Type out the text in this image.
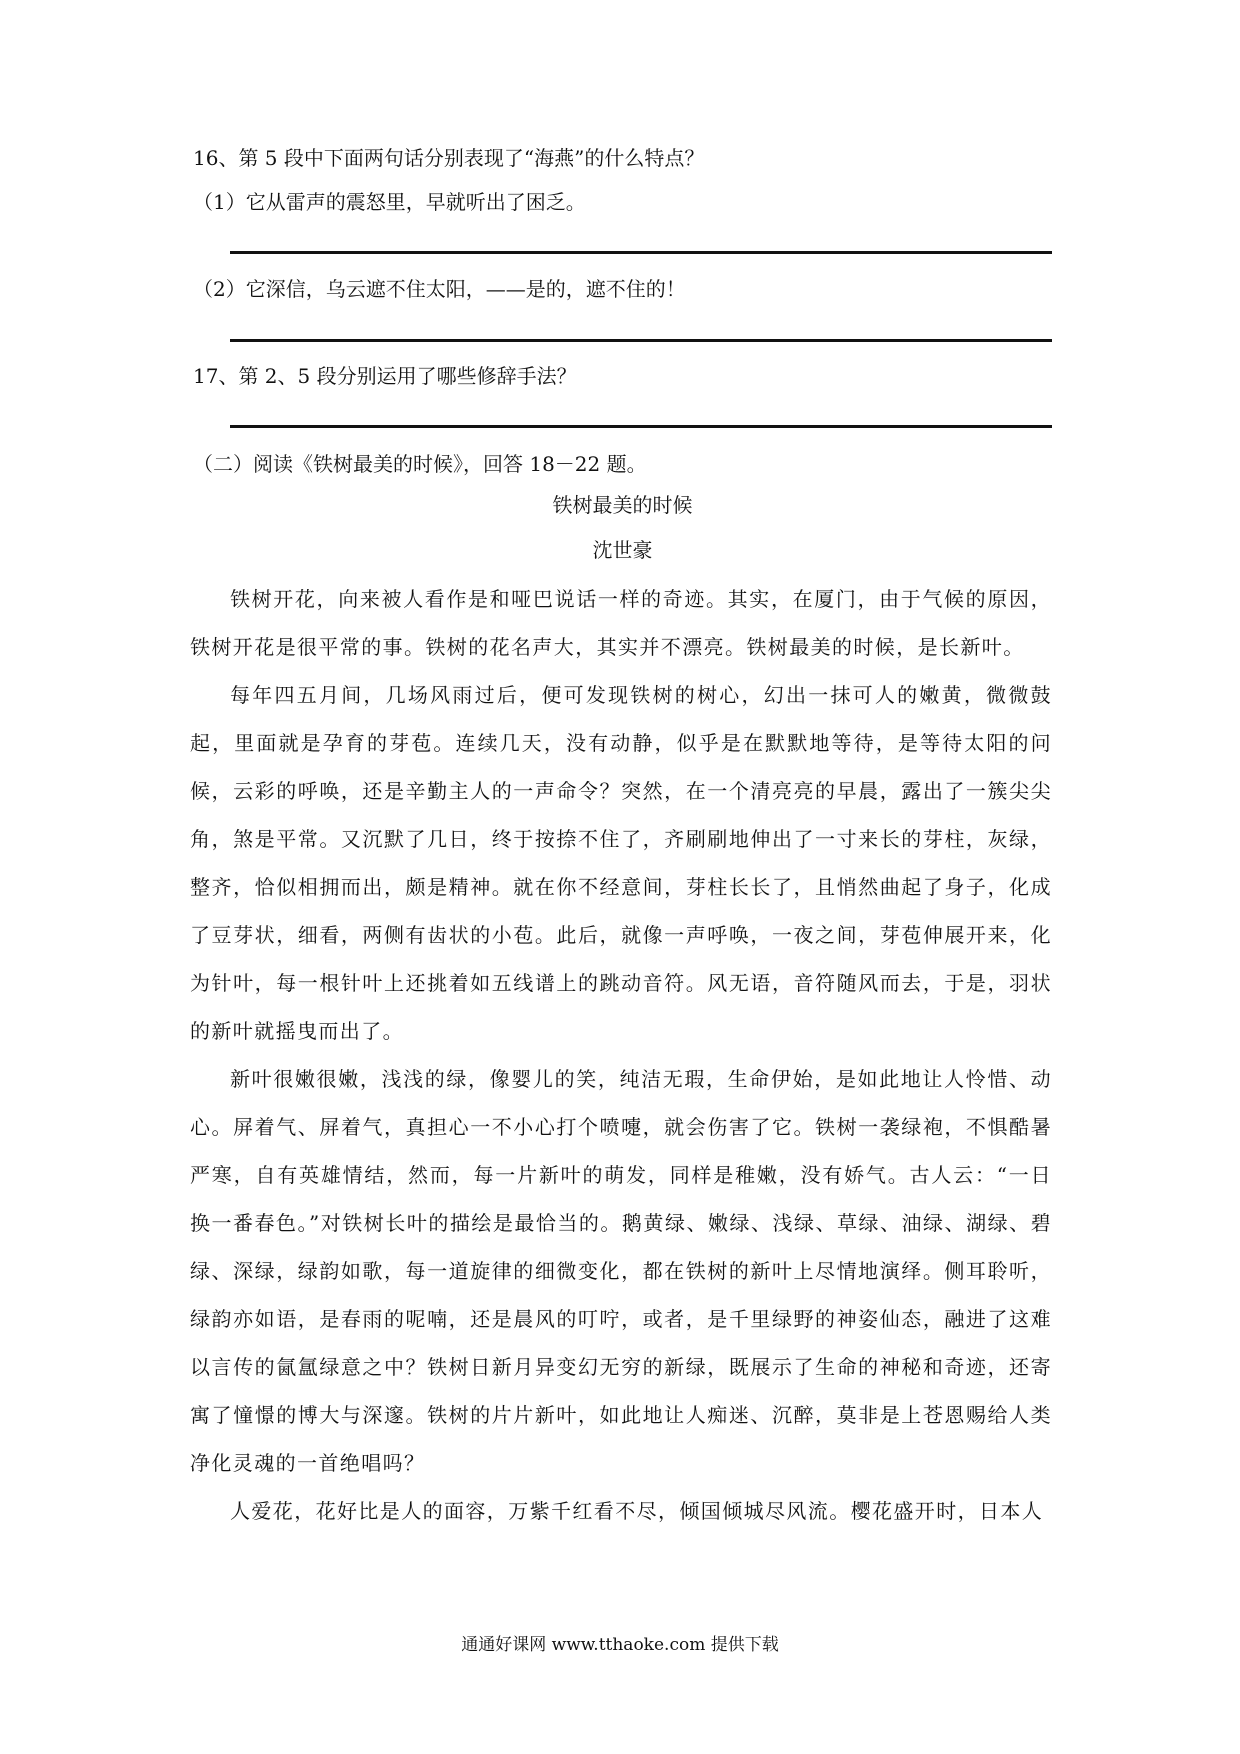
16、第 5 段中下面两句话分别表现了“海燕”的什么特点？
（1）它从雷声的震怒里，早就听出了困乏。
（2）它深信，乌云遮不住太阳，——是的，遮不住的！
17、第 2、5 段分别运用了哪些修辞手法？
（二）阅读《铁树最美的时候》，回答 18－22 题。
铁树最美的时候
沈世豪

铁树开花，向来被人看作是和哑巴说话一样的奇迹。其实，在厦门，由于气候的原因，铁树开花是很平常的事。铁树的花名声大，其实并不漂亮。铁树最美的时候，是长新叶。

每年四五月间，几场风雨过后，便可发现铁树的树心，幻出一抹可人的嫩黄，微微鼓起，里面就是孕育的芽苞。连续几天，没有动静，似乎是在默默地等待，是等待太阳的问候，云彩的呼唤，还是辛勤主人的一声命令？突然，在一个清亮亮的早晨，露出了一簇尖尖角，煞是平常。又沉默了几日，终于按捺不住了，齐刷刷地伸出了一寸来长的芽柱，灰绿，整齐，恰似相拥而出，颇是精神。就在你不经意间，芽柱长长了，且悄然曲起了身子，化成了豆芽状，细看，两侧有齿状的小苞。此后，就像一声呼唤，一夜之间，芽苞伸展开来，化为针叶，每一根针叶上还挑着如五线谱上的跳动音符。风无语，音符随风而去，于是，羽状的新叶就摇曳而出了。

新叶很嫩很嫩，浅浅的绿，像婴儿的笑，纯洁无瑕，生命伊始，是如此地让人怜惜、动心。屏着气、屏着气，真担心一不小心打个喷嚏，就会伤害了它。铁树一袭绿袍，不惧酷暑严寒，自有英雄情结，然而，每一片新叶的萌发，同样是稚嫩，没有娇气。古人云：“一日换一番春色。”对铁树长叶的描绘是最恰当的。鹅黄绿、嫩绿、浅绿、草绿、油绿、湖绿、碧绿、深绿，绿韵如歌，每一道旋律的细微变化，都在铁树的新叶上尽情地演绎。侧耳聆听，绿韵亦如语，是春雨的呢喃，还是晨风的叮咛，或者，是千里绿野的神姿仙态，融进了这难以言传的氤氲绿意之中？铁树日新月异变幻无穷的新绿，既展示了生命的神秘和奇迹，还寄寓了憧憬的博大与深邃。铁树的片片新叶，如此地让人痴迷、沉醉，莫非是上苍恩赐给人类净化灵魂的一首绝唱吗？

人爱花，花好比是人的面容，万紫千红看不尽，倾国倾城尽风流。樱花盛开时，日本人

通通好课网 www.tthaoke.com 提供下载
